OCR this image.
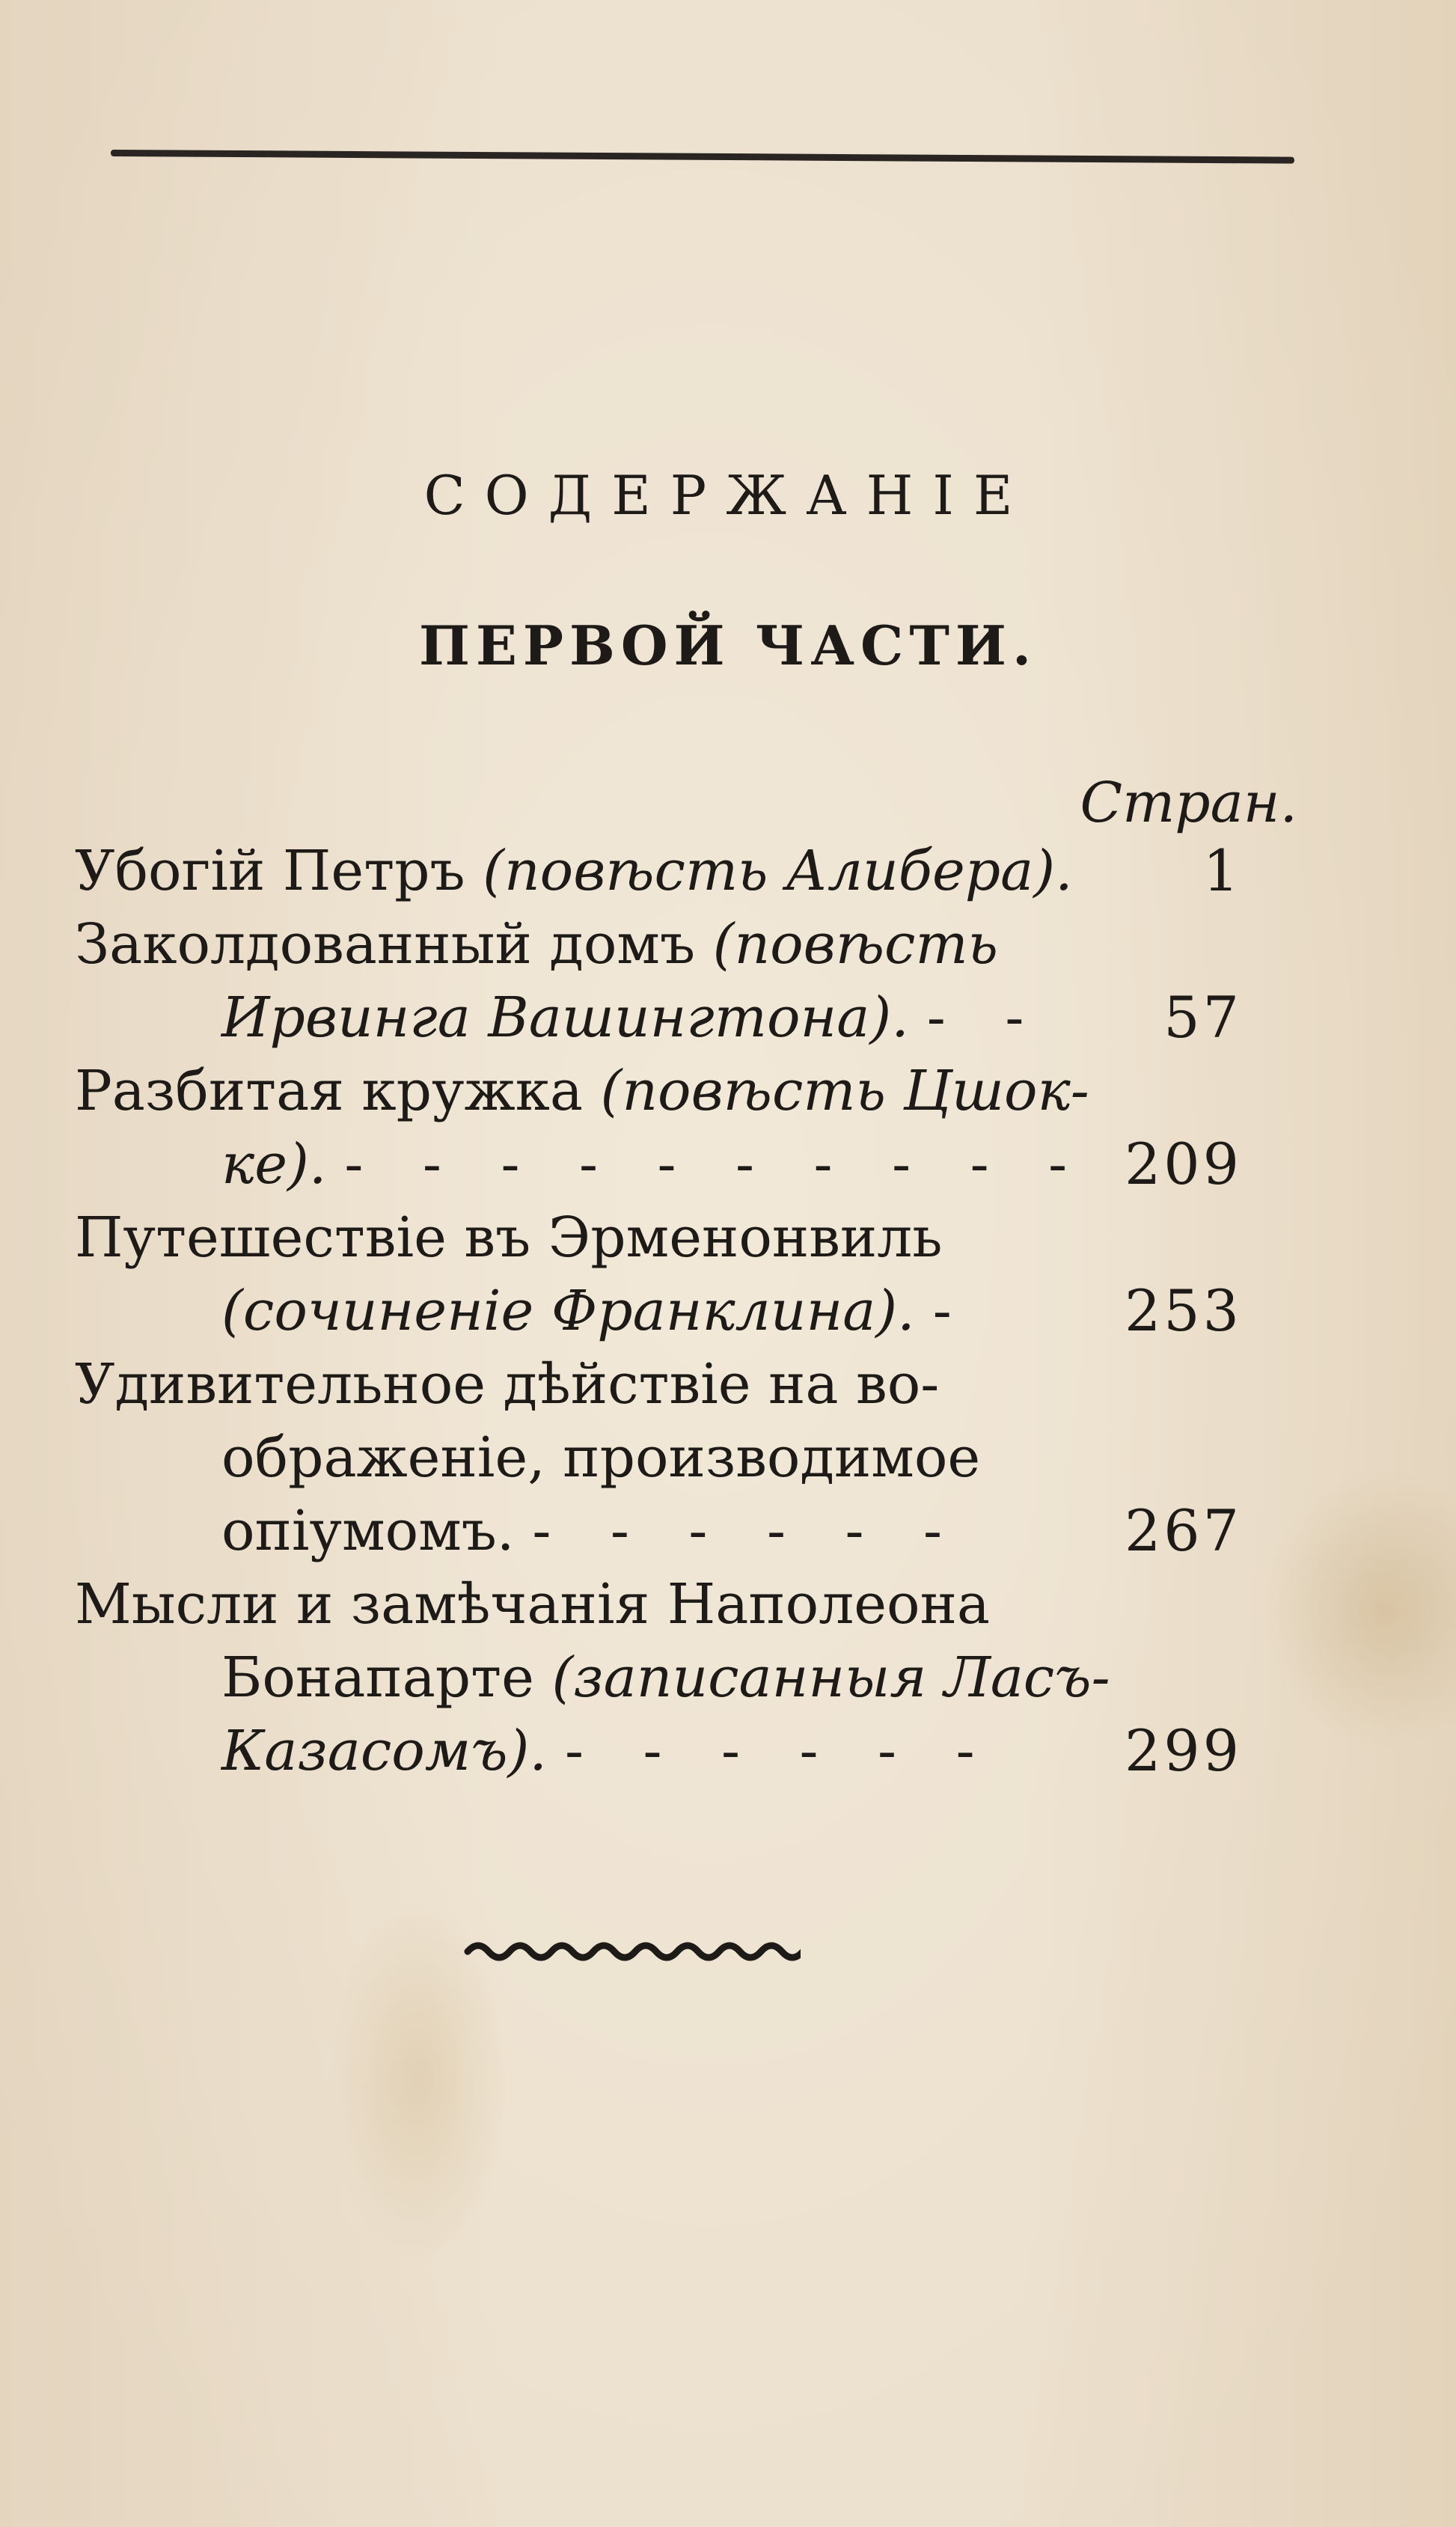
СОДЕРЖАНIЕ
ПЕРВОЙ ЧАСТИ.
Стран.
Убогiй Петръ (повѣсть Алибера). 1
Заколдованный домъ (повѣсть
Ирвинга Вашингтона). - - 57
Разбитая кружка (повѣсть Цшок-
ке). - - - - - - - - - - 209
Путешествiе въ Эрменонвиль
(сочиненiе Франклина). -	253
Удивительное дѣйствiе на во-
ображенiе, производимое
опiумомъ. - - - - - -	267
Мысли и замѣчанiя Наполеона
Бонапарте (записанныя Ласъ-
Казасомъ). - - - - - - 299
